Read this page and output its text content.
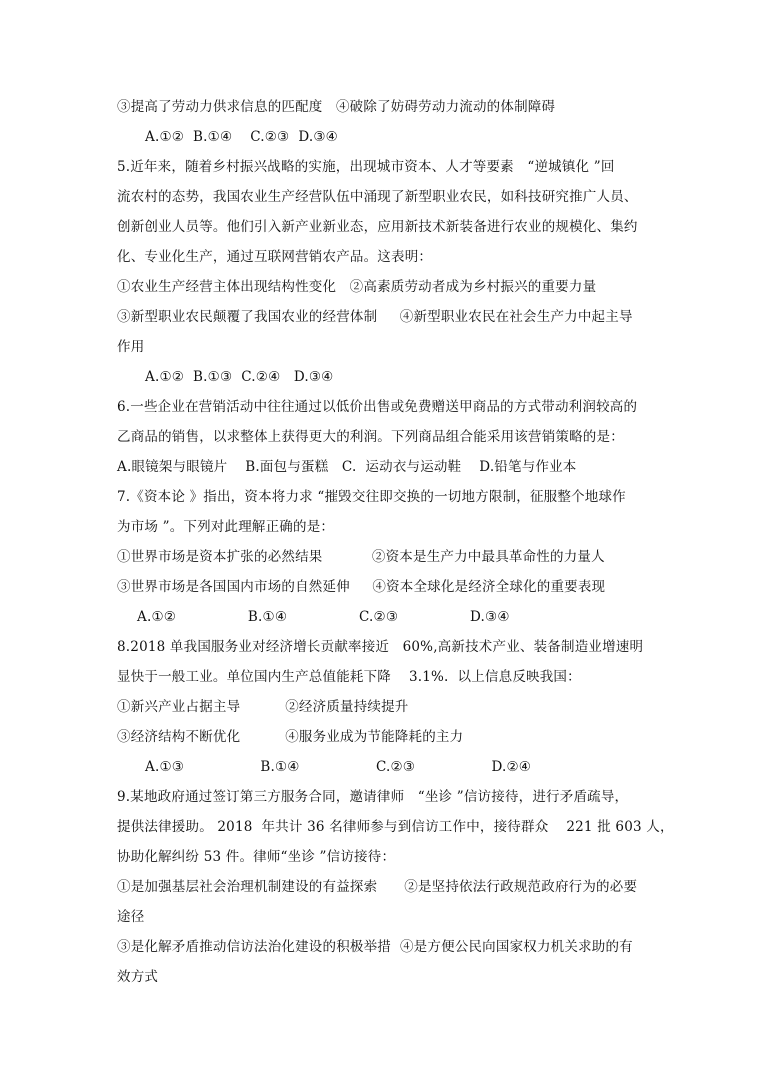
③提高了劳动力供求信息的匹配度   ④破除了妨碍劳动力流动的体制障碍
A.①②  B.①④    C.②③  D.③④
5.近年来，随着乡村振兴战略的实施，出现城市资本、人才等要素   “逆城镇化 ”回
流农村的态势，我国农业生产经营队伍中涌现了新型职业农民，如科技研究推广人员、
创新创业人员等。他们引入新产业新业态，应用新技术新装备进行农业的规模化、集约
化、专业化生产，通过互联网营销农产品。这表明：
①农业生产经营主体出现结构性变化   ②高素质劳动者成为乡村振兴的重要力量
③新型职业农民颠覆了我国农业的经营体制     ④新型职业农民在社会生产力中起主导
作用
A.①②  B.①③  C.②④   D.③④
6.一些企业在营销活动中往往通过以低价出售或免费赠送甲商品的方式带动利润较高的
乙商品的销售，以求整体上获得更大的利润。下列商品组合能采用该营销策略的是：
A.眼镜架与眼镜片    B.面包与蛋糕   C.  运动衣与运动鞋    D.铅笔与作业本
7.《资本论 》指出，资本将力求 “摧毁交往即交换的一切地方限制，征服整个地球作
为市场 ”。下列对此理解正确的是：
①世界市场是资本扩张的必然结果           ②资本是生产力中最具革命性的力量人
③世界市场是各国国内市场的自然延伸     ④资本全球化是经济全球化的重要表现
A.①②                B.①④                C.②③                D.③④
8.2018 单我国服务业对经济增长贡献率接近   60%,高新技术产业、装备制造业增速明
显快于一般工业。单位国内生产总值能耗下降    3.1%.  以上信息反映我国：
①新兴产业占据主导          ②经济质量持续提升
③经济结构不断优化          ④服务业成为节能降耗的主力
A.①③                 B.①④                 C.②③                 D.②④
9.某地政府通过签订第三方服务合同，邀请律师   “坐诊 ”信访接待，进行矛盾疏导，
提供法律援助。 2018  年共计 36 名律师参与到信访工作中，接待群众    221 批 603 人，
协助化解纠纷 53 件。律师“坐诊 ”信访接待：
①是加强基层社会治理机制建设的有益探索      ②是坚持依法行政规范政府行为的必要
途径
③是化解矛盾推动信访法治化建设的积极举措  ④是方便公民向国家权力机关求助的有
效方式
